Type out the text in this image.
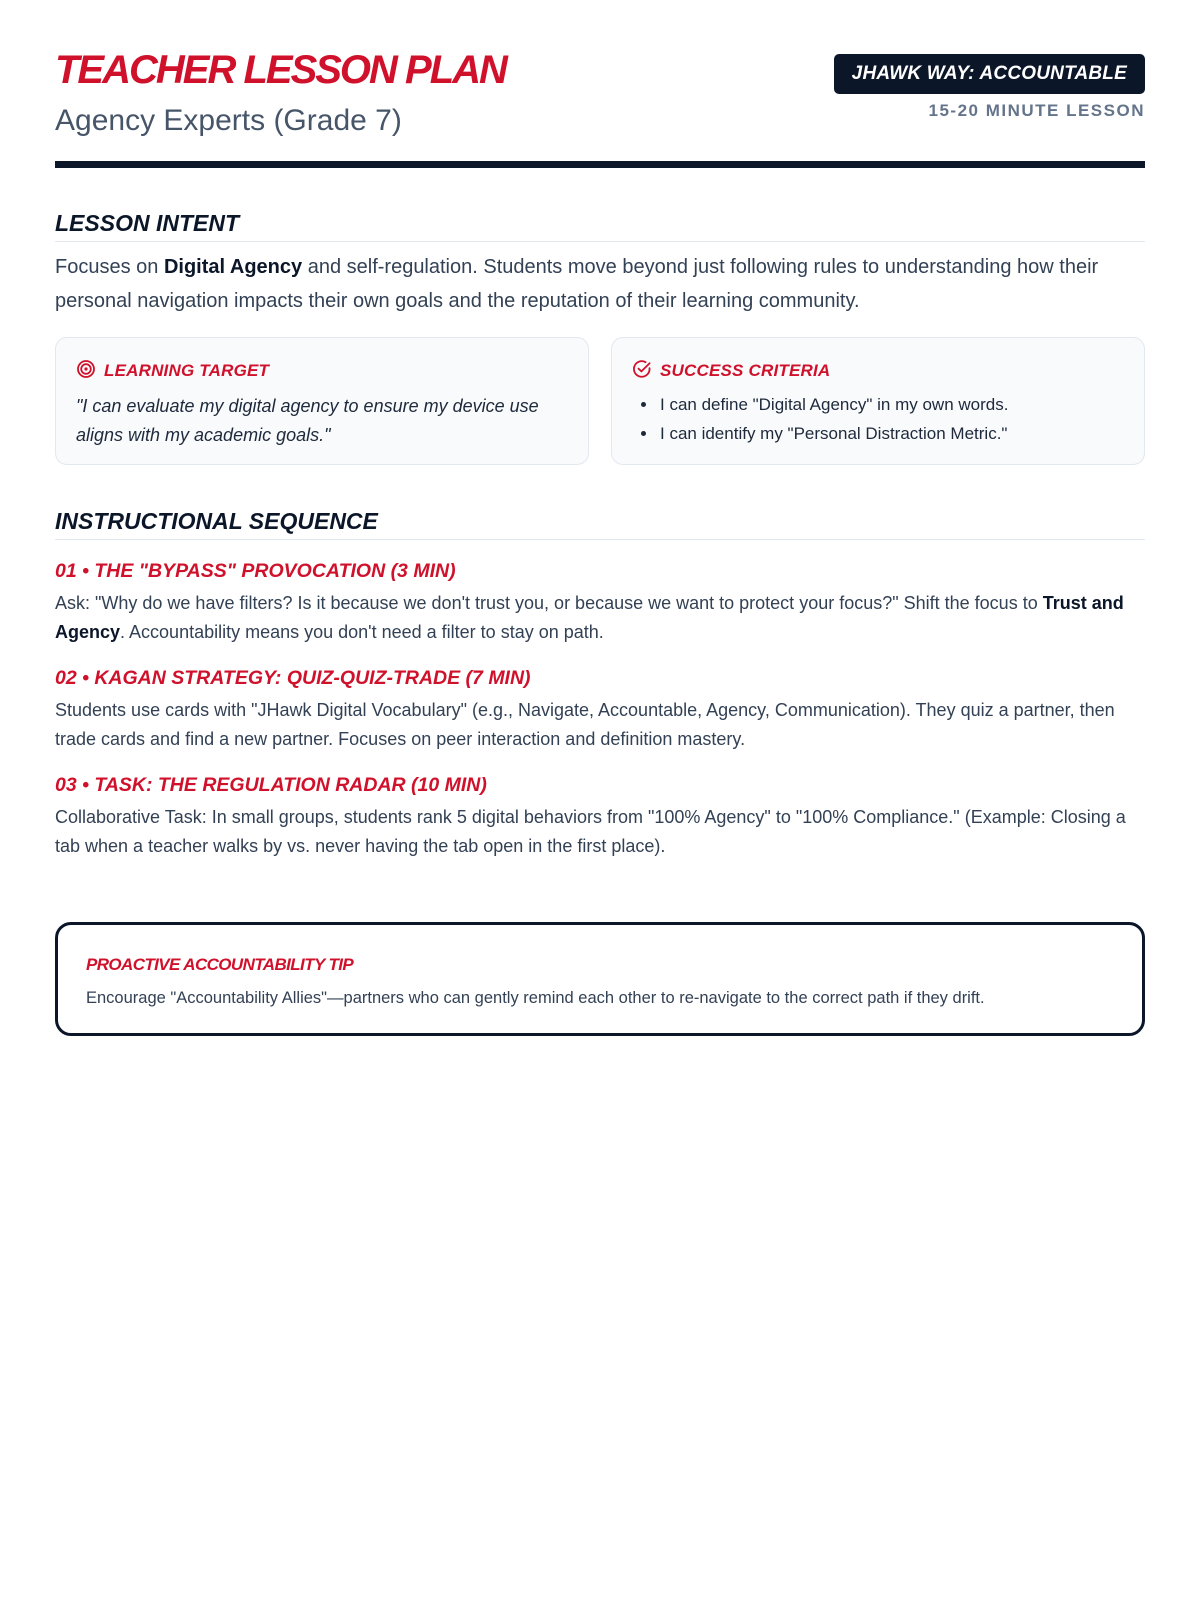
TEACHER LESSON PLAN
Agency Experts (Grade 7)
JHAWK WAY: ACCOUNTABLE
15-20 MINUTE LESSON
LESSON INTENT

Focuses on Digital Agency and self-regulation. Students move beyond just following rules to understanding how their personal navigation impacts their own goals and the reputation of their learning community.

LEARNING TARGET

"I can evaluate my digital agency to ensure my device use aligns with my academic goals."

SUCCESS CRITERIA
• I can define "Digital Agency" in my own words.
• I can identify my "Personal Distraction Metric."
INSTRUCTIONAL SEQUENCE
01 • THE "BYPASS" PROVOCATION (3 MIN)

Ask: "Why do we have filters? Is it because we don't trust you, or because we want to protect your focus?" Shift the focus to Trust and Agency. Accountability means you don't need a filter to stay on path.

02 • KAGAN STRATEGY: QUIZ-QUIZ-TRADE (7 MIN)

Students use cards with "JHawk Digital Vocabulary" (e.g., Navigate, Accountable, Agency, Communication). They quiz a partner, then trade cards and find a new partner. Focuses on peer interaction and definition mastery.

03 • TASK: THE REGULATION RADAR (10 MIN)

Collaborative Task: In small groups, students rank 5 digital behaviors from "100% Agency" to "100% Compliance." (Example: Closing a tab when a teacher walks by vs. never having the tab open in the first place).

PROACTIVE ACCOUNTABILITY TIP

Encourage "Accountability Allies"—partners who can gently remind each other to re-navigate to the correct path if they drift.
